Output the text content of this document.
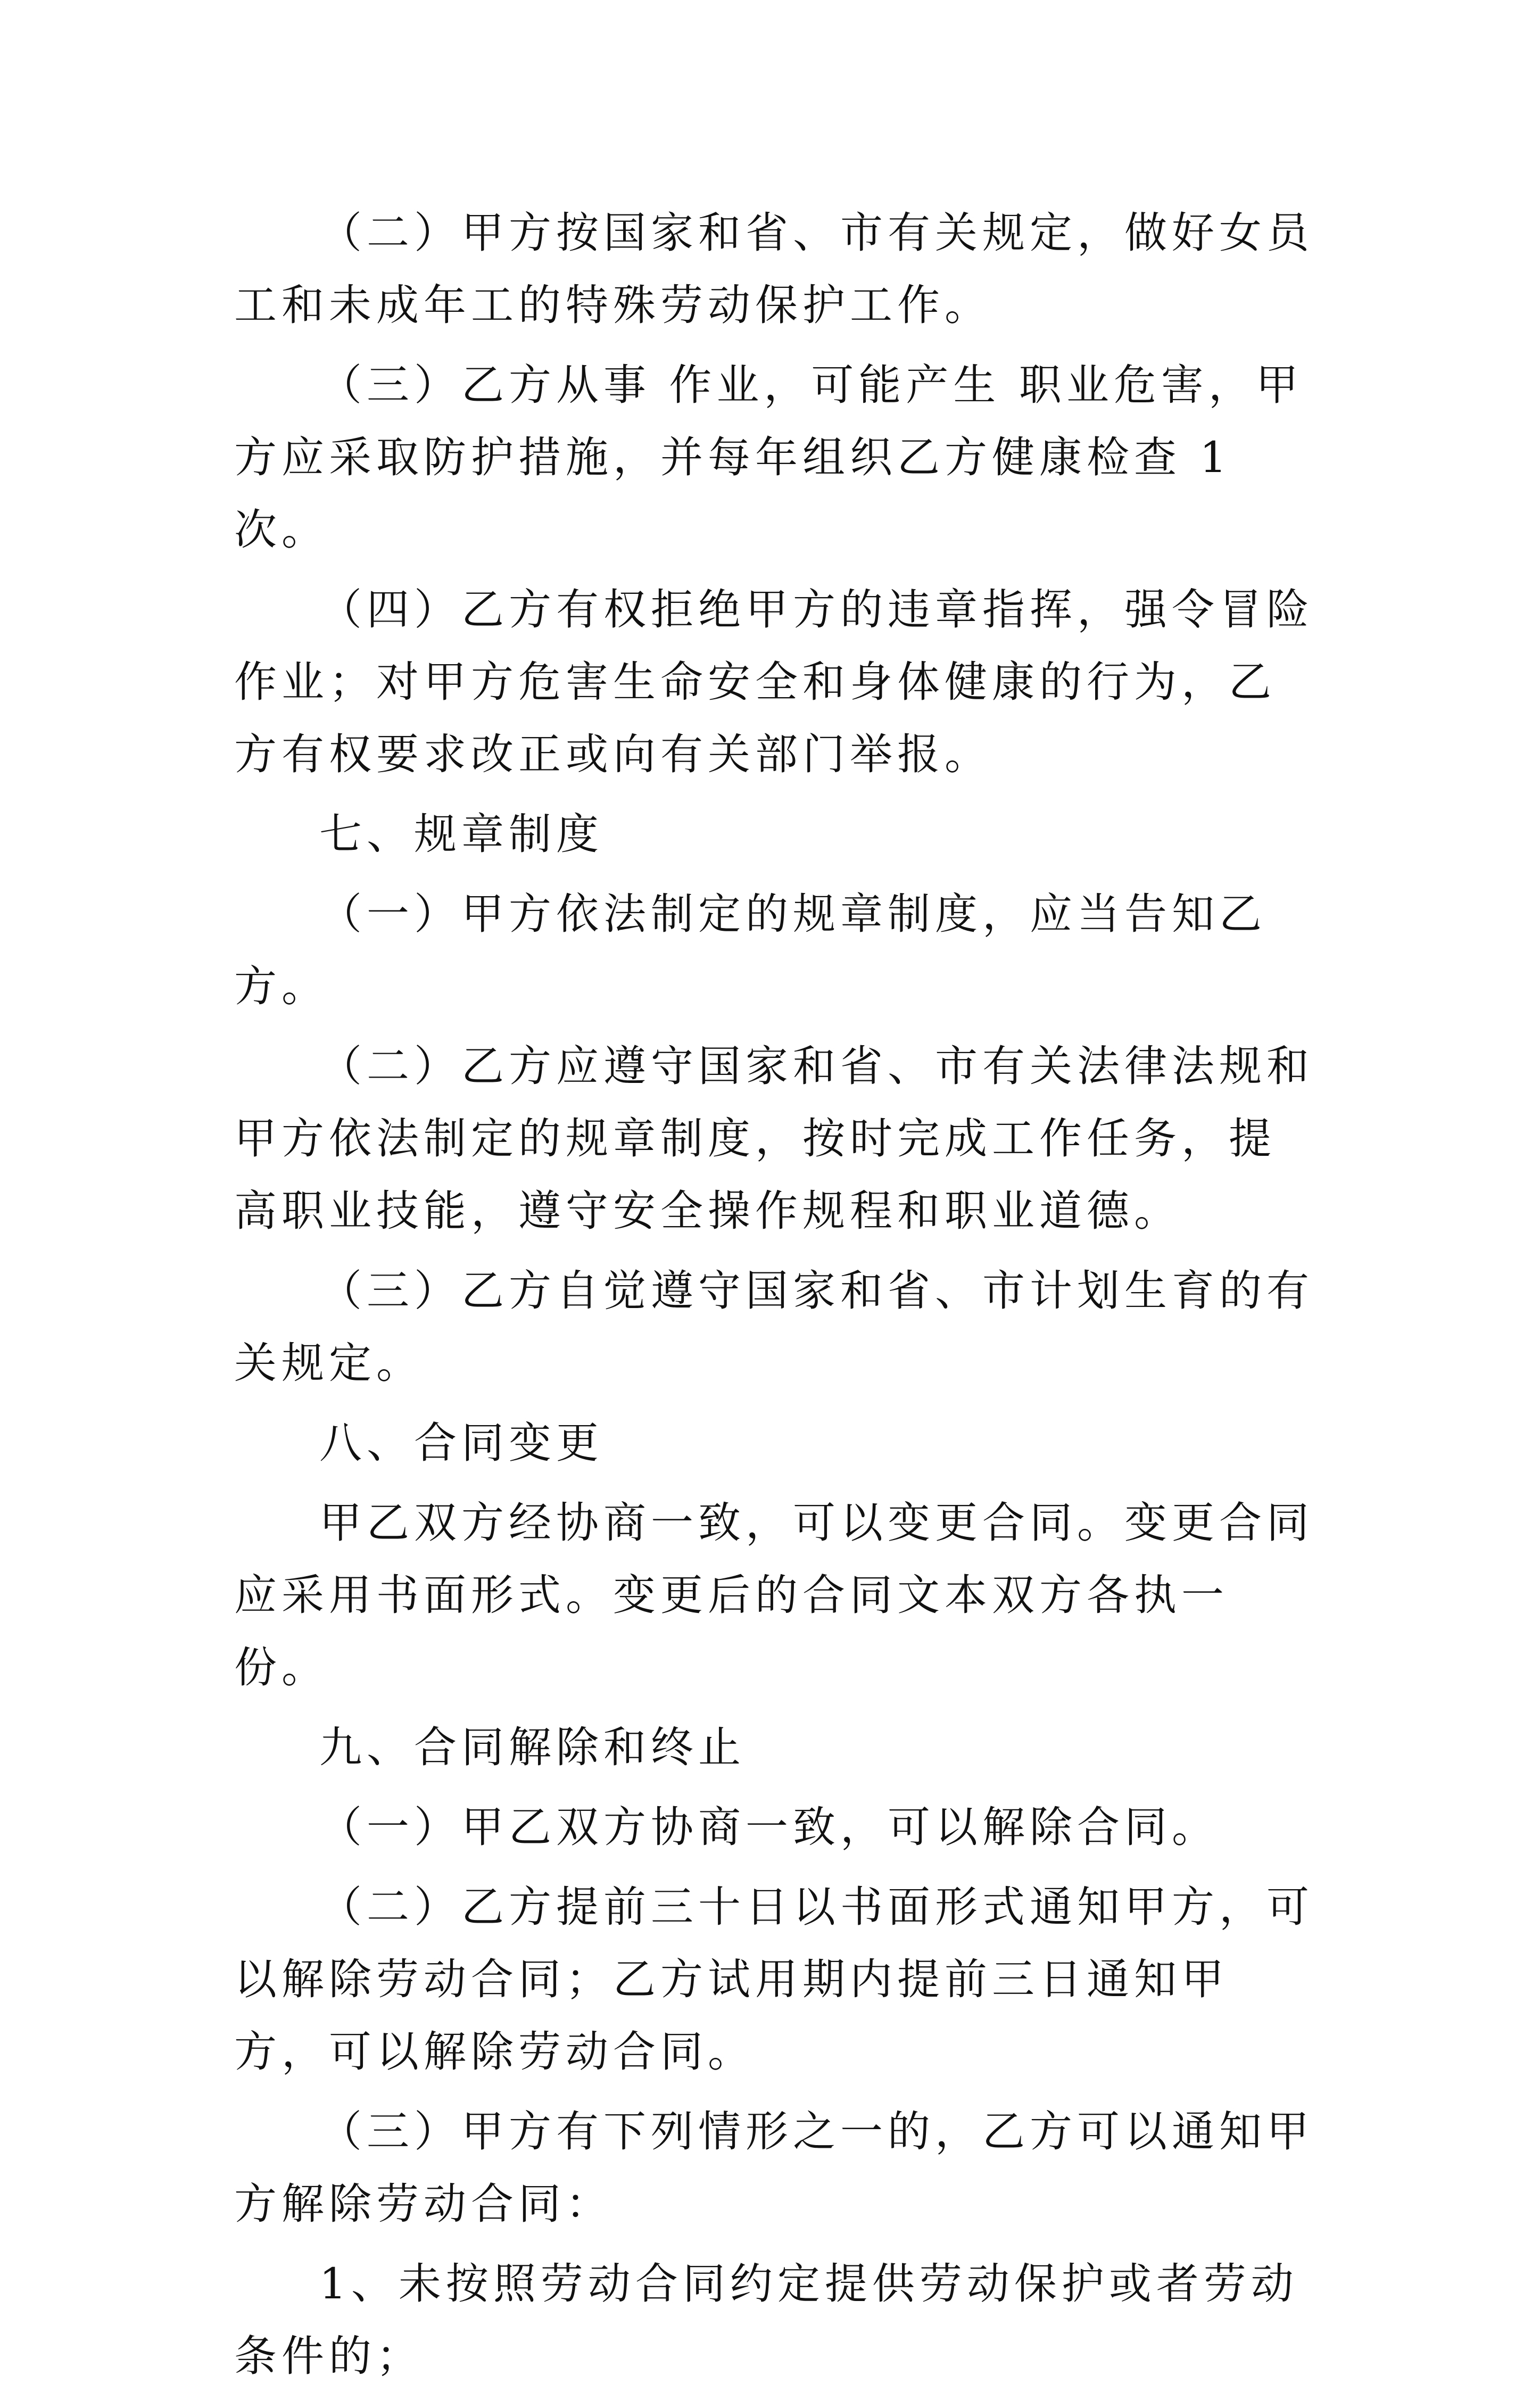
（二）甲方按国家和省、市有关规定，做好女员工和未成年工的特殊劳动保护工作。

（三）乙方从事 作业，可能产生 职业危害，甲方应采取防护措施，并每年组织乙方健康检查 1 次。

（四）乙方有权拒绝甲方的违章指挥，强令冒险作业；对甲方危害生命安全和身体健康的行为，乙方有权要求改正或向有关部门举报。

七、规章制度

（一）甲方依法制定的规章制度，应当告知乙方。

（二）乙方应遵守国家和省、市有关法律法规和甲方依法制定的规章制度，按时完成工作任务，提高职业技能，遵守安全操作规程和职业道德。

（三）乙方自觉遵守国家和省、市计划生育的有关规定。

八、合同变更

甲乙双方经协商一致，可以变更合同。变更合同应采用书面形式。变更后的合同文本双方各执一份。

九、合同解除和终止

（一）甲乙双方协商一致，可以解除合同。

（二）乙方提前三十日以书面形式通知甲方，可以解除劳动合同；乙方试用期内提前三日通知甲方，可以解除劳动合同。

（三）甲方有下列情形之一的，乙方可以通知甲方解除劳动合同：

1、未按照劳动合同约定提供劳动保护或者劳动条件的；
